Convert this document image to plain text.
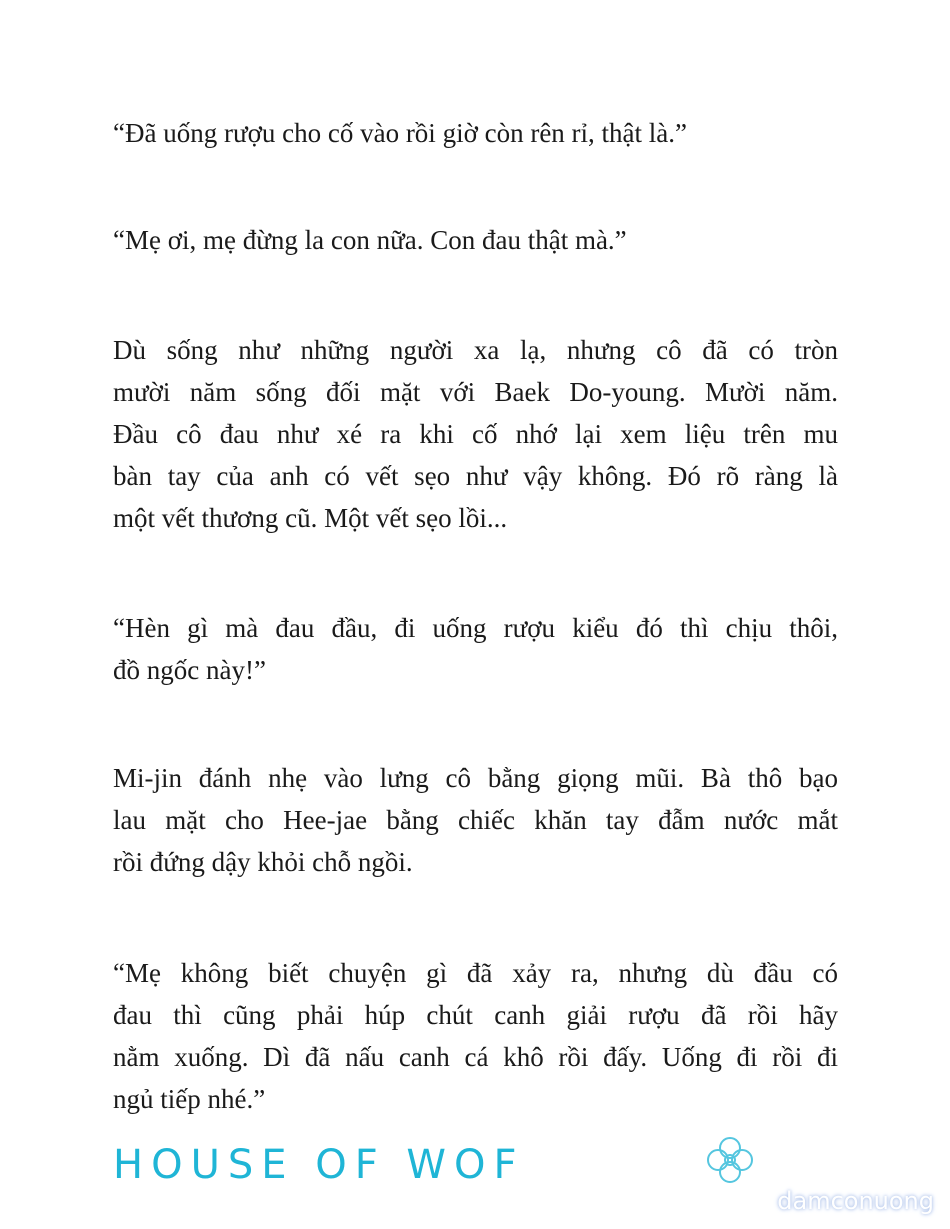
“Đã uống rượu cho cố vào rồi giờ còn rên rỉ, thật là.”
“Mẹ ơi, mẹ đừng la con nữa. Con đau thật mà.”
Dù sống như những người xa lạ, nhưng cô đã có tròn
mười năm sống đối mặt với Baek Do-young. Mười năm.
Đầu cô đau như xé ra khi cố nhớ lại xem liệu trên mu
bàn tay của anh có vết sẹo như vậy không. Đó rõ ràng là
một vết thương cũ. Một vết sẹo lồi...
“Hèn gì mà đau đầu, đi uống rượu kiểu đó thì chịu thôi,
đồ ngốc này!”
Mi-jin đánh nhẹ vào lưng cô bằng giọng mũi. Bà thô bạo
lau mặt cho Hee-jae bằng chiếc khăn tay đẫm nước mắt
rồi đứng dậy khỏi chỗ ngồi.
“Mẹ không biết chuyện gì đã xảy ra, nhưng dù đầu có
đau thì cũng phải húp chút canh giải rượu đã rồi hãy
nằm xuống. Dì đã nấu canh cá khô rồi đấy. Uống đi rồi đi
ngủ tiếp nhé.”
HOUSE OF WOF
damconuong
